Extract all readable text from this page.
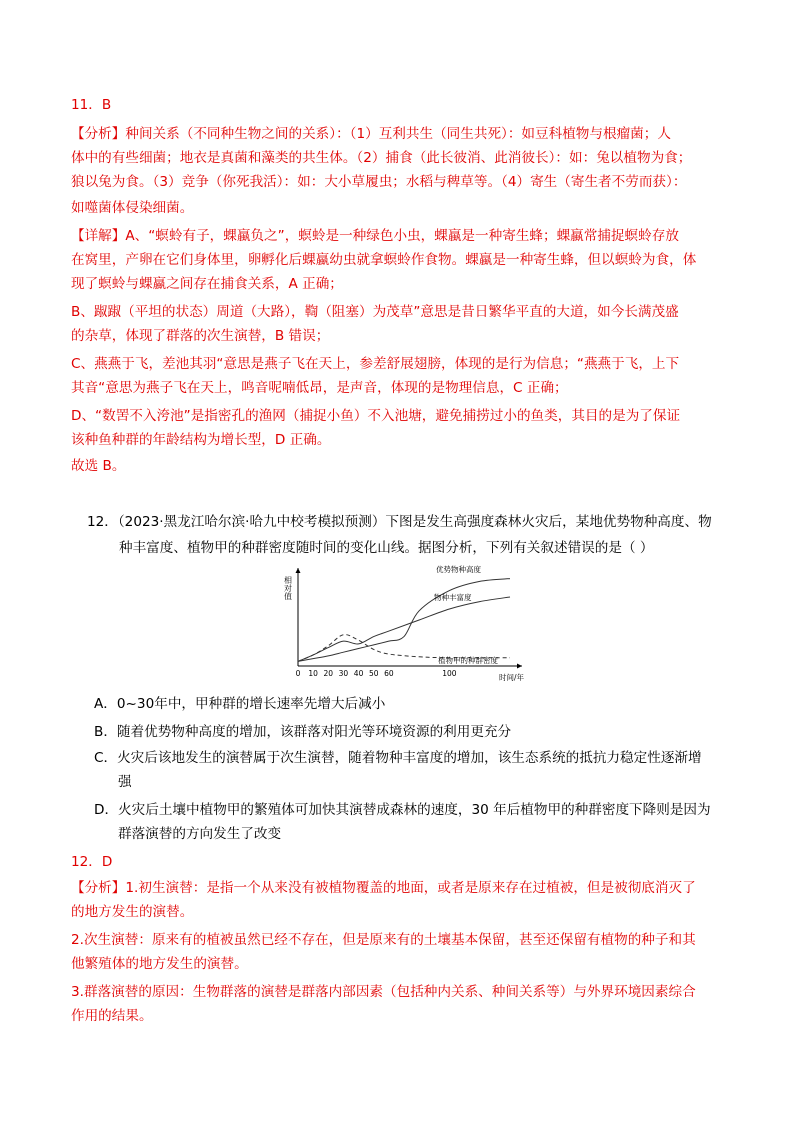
11．B
【分析】种间关系（不同种生物之间的关系）：（1）互利共生（同生共死）：如豆科植物与根瘤菌；人
体中的有些细菌；地衣是真菌和藻类的共生体。（2）捕食（此长彼消、此消彼长）：如：兔以植物为食；
狼以兔为食。（3）竞争（你死我活）：如：大小草履虫；水稻与稗草等。（4）寄生（寄生者不劳而获）：
如噬菌体侵染细菌。
【详解】A、“螟蛉有子，蜾蠃负之”，螟蛉是一种绿色小虫，蜾蠃是一种寄生蜂；蜾蠃常捕捉螟蛉存放
在窝里，产卵在它们身体里，卵孵化后蜾蠃幼虫就拿螟蛉作食物。蜾蠃是一种寄生蜂，但以螟蛉为食，体
现了螟蛉与蜾蠃之间存在捕食关系，A 正确；
B、踧踧（平坦的状态）周道（大路），鞫（阻塞）为茂草”意思是昔日繁华平直的大道，如今长满茂盛
的杂草，体现了群落的次生演替，B 错误；
C、燕燕于飞，差池其羽“意思是燕子飞在天上，参差舒展翅膀，体现的是行为信息；“燕燕于飞，上下
其音“意思为燕子飞在天上，鸣音呢喃低昂，是声音，体现的是物理信息，C 正确；
D、“数罟不入洿池”是指密孔的渔网（捕捉小鱼）不入池塘，避免捕捞过小的鱼类，其目的是为了保证
该种鱼种群的年龄结构为增长型，D 正确。
故选 B。
12．（2023·黑龙江哈尔滨·哈九中校考模拟预测）下图是发生高强度森林火灾后，某地优势物种高度、物
种丰富度、植物甲的种群密度随时间的变化山线。据图分析，下列有关叙述错误的是（ ）
相对值
0 10 20 30 40 50 60	100	时间/年
优势物种高度
物种丰富度
植物甲的种群密度
A．0~30年中，甲种群的增长速率先增大后减小
B．随着优势物种高度的增加，该群落对阳光等环境资源的利用更充分
C．火灾后该地发生的演替属于次生演替，随着物种丰富度的增加，该生态系统的抵抗力稳定性逐渐增
强
D．火灾后土壤中植物甲的繁殖体可加快其演替成森林的速度，30 年后植物甲的种群密度下降则是因为
群落演替的方向发生了改变
12．D
【分析】1.初生演替：是指一个从来没有被植物覆盖的地面，或者是原来存在过植被，但是被彻底消灭了
的地方发生的演替。
2.次生演替：原来有的植被虽然已经不存在，但是原来有的土壤基本保留，甚至还保留有植物的种子和其
他繁殖体的地方发生的演替。
3.群落演替的原因：生物群落的演替是群落内部因素（包括种内关系、种间关系等）与外界环境因素综合
作用的结果。
